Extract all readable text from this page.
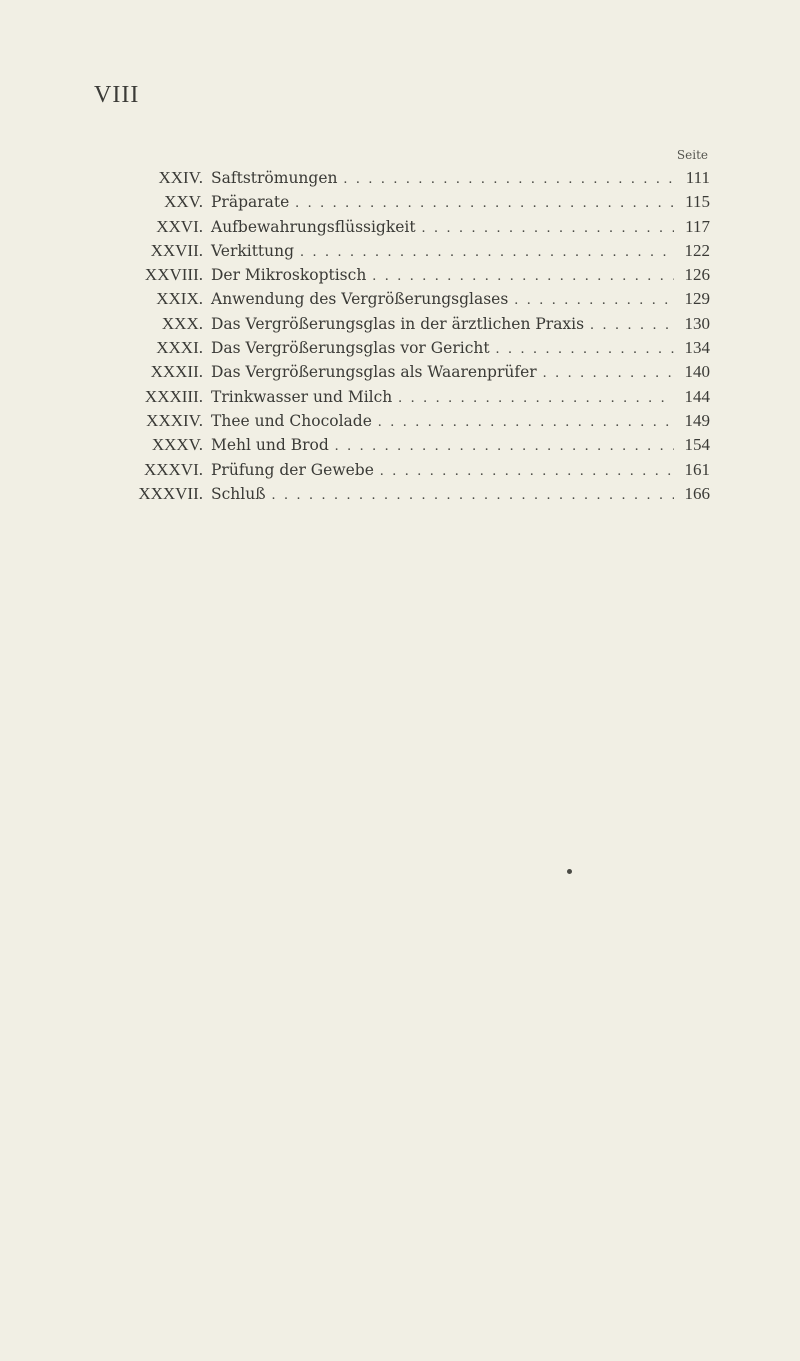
VIII
Seite
XXIV. Saftströmungen . . .	111
XXV. Präparate . . .	115
XXVI. Aufbewahrungsflüssigkeit . . .	117
XXVII. Verkittung . . .	122
XXVIII. Der Mikroskoptisch . . .	126
XXIX. Anwendung des Vergrößerungsglases . . .	129
XXX. Das Vergrößerungsglas in der ärztlichen Praxis . . .	130
XXXI. Das Vergrößerungsglas vor Gericht . . .	134
XXXII. Das Vergrößerungsglas als Waarenprüfer . . .	140
XXXIII. Trinkwasser und Milch . . .	144
XXXIV. Thee und Chocolade . . .	149
XXXV. Mehl und Brod . . .	154
XXXVI. Prüfung der Gewebe . . .	161
XXXVII. Schluß . . .	166
